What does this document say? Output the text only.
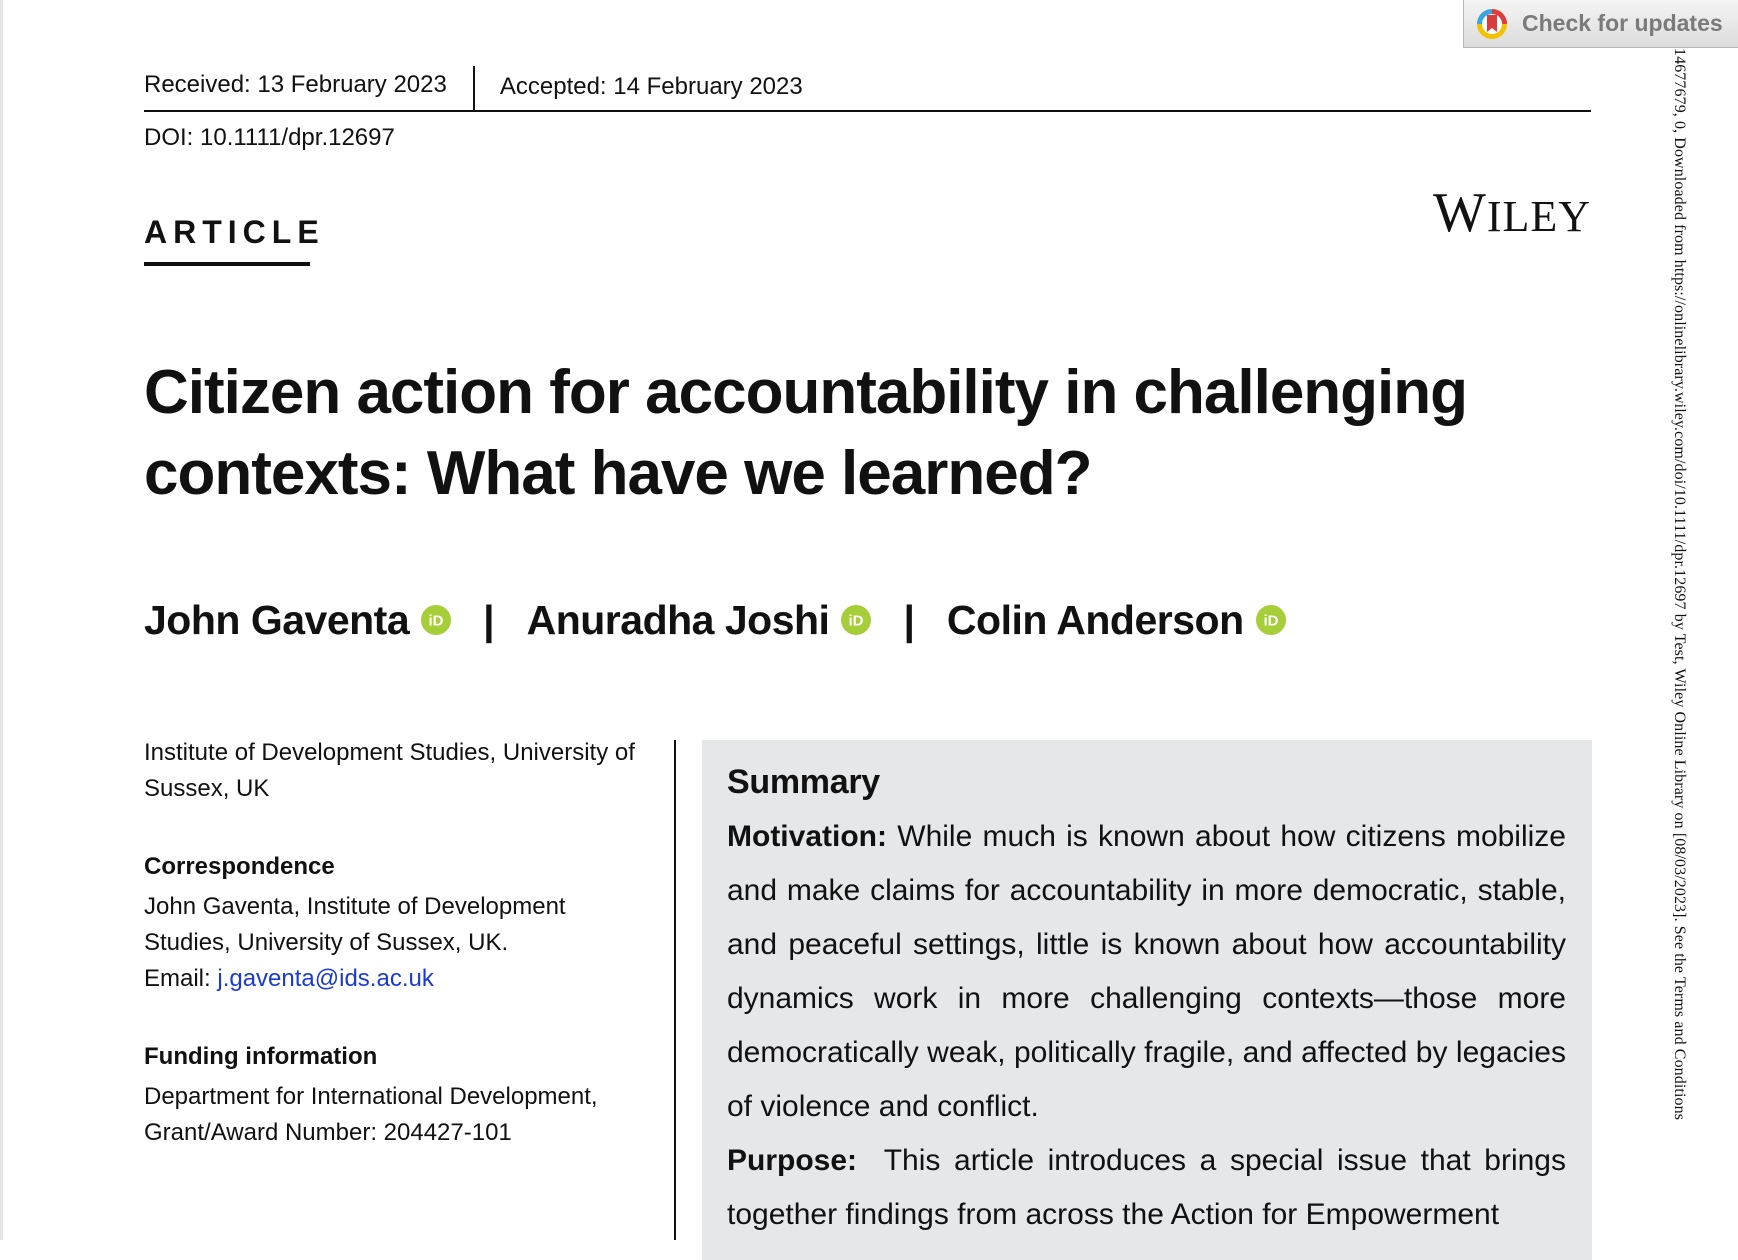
Check for updates
14677679, 0, Downloaded from https://onlinelibrary.wiley.com/doi/10.1111/dpr.12697 by Test, Wiley Online Library on [08/03/2023]. See the Terms and Conditions
Received: 13 February 2023	Accepted: 14 February 2023
DOI: 10.1111/dpr.12697
ARTICLE	WILEY
Citizen action for accountability in challenging contexts: What have we learned?
John Gaventa iD | Anuradha Joshi iD | Colin Anderson iD

Institute of Development Studies, University of Sussex, UK

Correspondence

John Gaventa, Institute of Development Studies, University of Sussex, UK.
Email: j.gaventa@ids.ac.uk

Funding information

Department for International Development, Grant/Award Number: 204427-101

Summary

Motivation: While much is known about how citizens mobilize and make claims for accountability in more democratic, stable, and peaceful settings, little is known about how accountability dynamics work in more challenging contexts—those more democratically weak, politically fragile, and affected by legacies of violence and conflict.

Purpose: This article introduces a special issue that brings together findings from across the Action for Empowerment
